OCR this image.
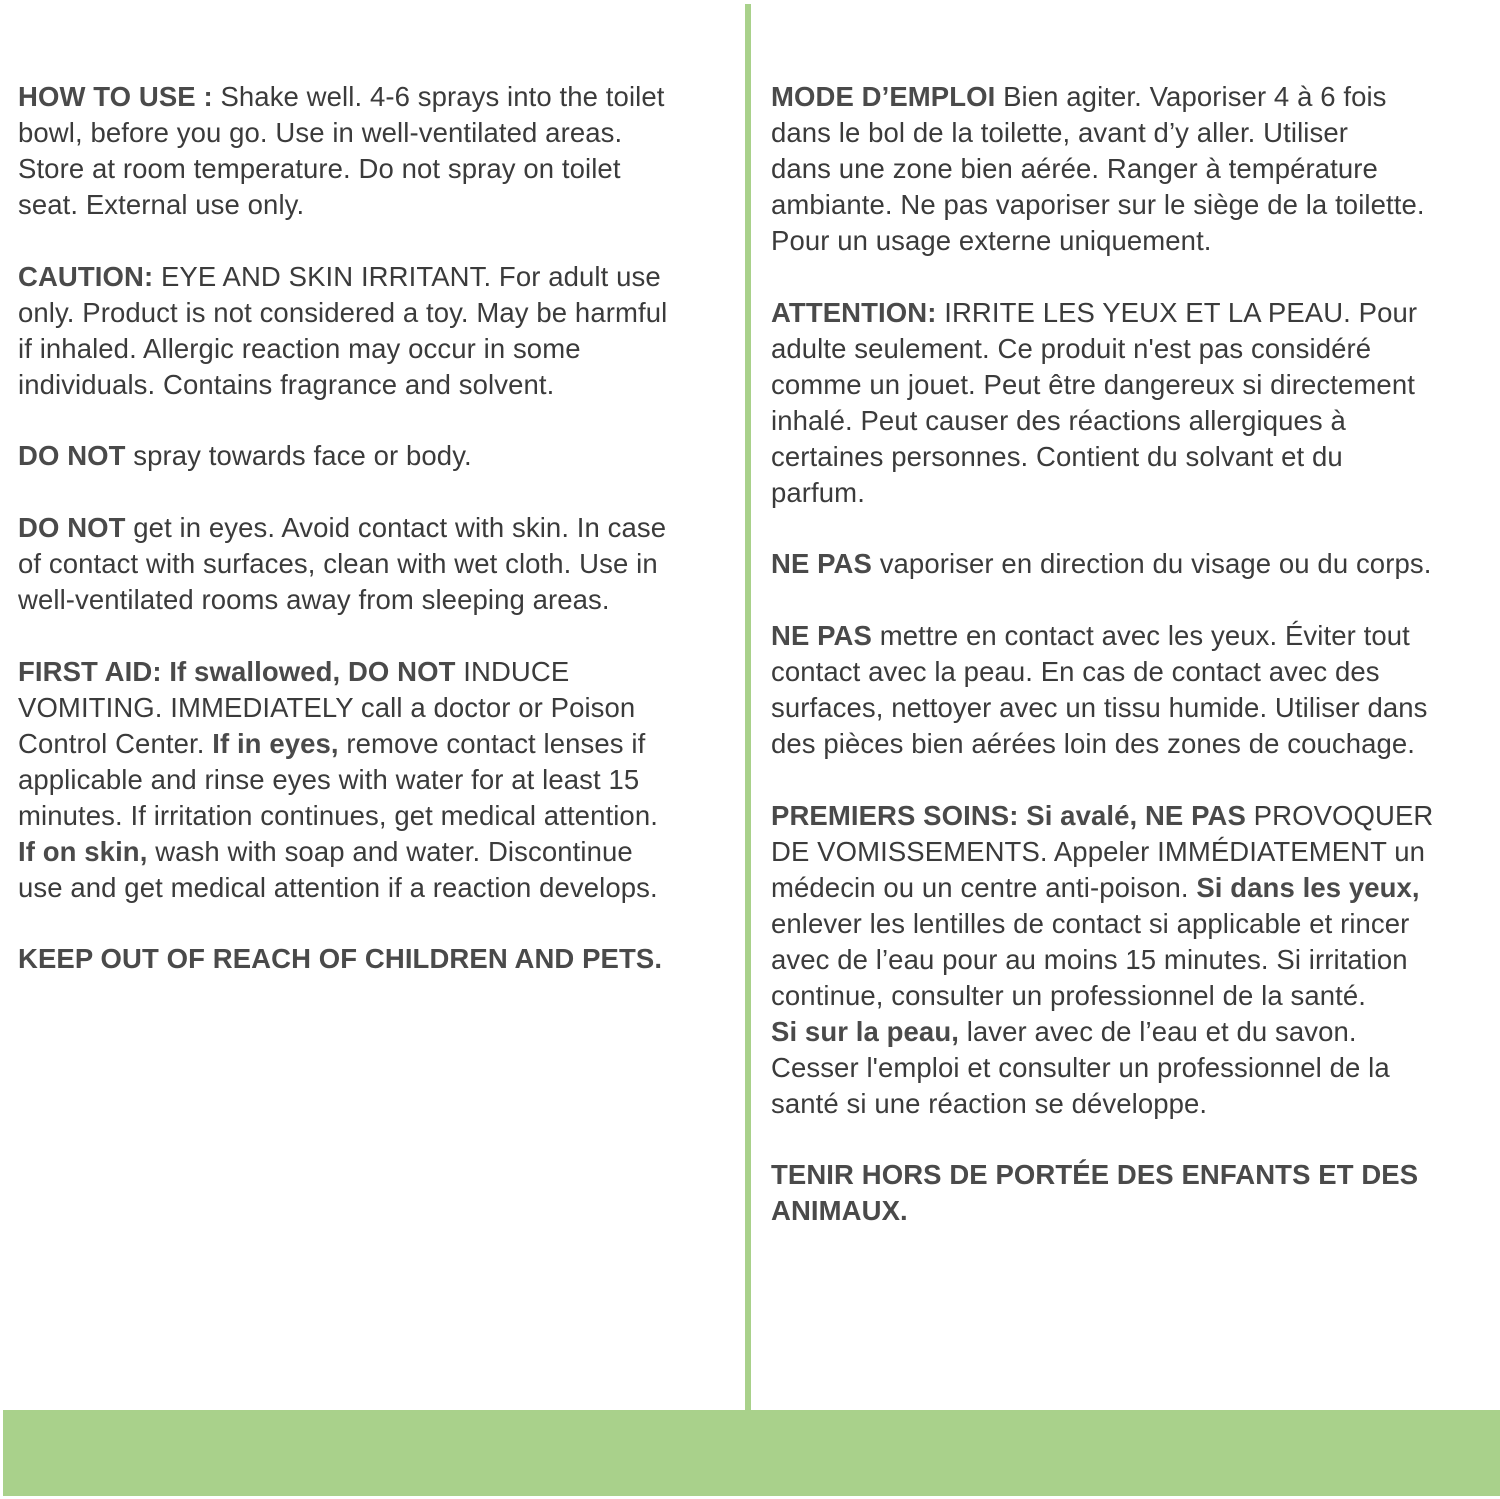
HOW TO USE : Shake well. 4-6 sprays into the toilet
bowl, before you go. Use in well-ventilated areas.
Store at room temperature. Do not spray on toilet
seat. External use only.
CAUTION: EYE AND SKIN IRRITANT. For adult use
only. Product is not considered a toy. May be harmful
if inhaled. Allergic reaction may occur in some
individuals. Contains fragrance and solvent.
DO NOT spray towards face or body.
DO NOT get in eyes. Avoid contact with skin. In case
of contact with surfaces, clean with wet cloth. Use in
well-ventilated rooms away from sleeping areas.
FIRST AID: If swallowed, DO NOT INDUCE
VOMITING. IMMEDIATELY call a doctor or Poison
Control Center. If in eyes, remove contact lenses if
applicable and rinse eyes with water for at least 15
minutes. If irritation continues, get medical attention.
If on skin, wash with soap and water. Discontinue
use and get medical attention if a reaction develops.
KEEP OUT OF REACH OF CHILDREN AND PETS.
MODE D’EMPLOI Bien agiter. Vaporiser 4 à 6 fois
dans le bol de la toilette, avant d’y aller. Utiliser
dans une zone bien aérée. Ranger à température
ambiante. Ne pas vaporiser sur le siège de la toilette.
Pour un usage externe uniquement.
ATTENTION: IRRITE LES YEUX ET LA PEAU. Pour
adulte seulement. Ce produit n'est pas considéré
comme un jouet. Peut être dangereux si directement
inhalé. Peut causer des réactions allergiques à
certaines personnes. Contient du solvant et du
parfum.
NE PAS vaporiser en direction du visage ou du corps.
NE PAS mettre en contact avec les yeux. Éviter tout
contact avec la peau. En cas de contact avec des
surfaces, nettoyer avec un tissu humide. Utiliser dans
des pièces bien aérées loin des zones de couchage.
PREMIERS SOINS: Si avalé, NE PAS PROVOQUER
DE VOMISSEMENTS. Appeler IMMÉDIATEMENT un
médecin ou un centre anti-poison. Si dans les yeux,
enlever les lentilles de contact si applicable et rincer
avec de l’eau pour au moins 15 minutes. Si irritation
continue, consulter un professionnel de la santé.
Si sur la peau, laver avec de l’eau et du savon.
Cesser l'emploi et consulter un professionnel de la
santé si une réaction se développe.
TENIR HORS DE PORTÉE DES ENFANTS ET DES
ANIMAUX.
